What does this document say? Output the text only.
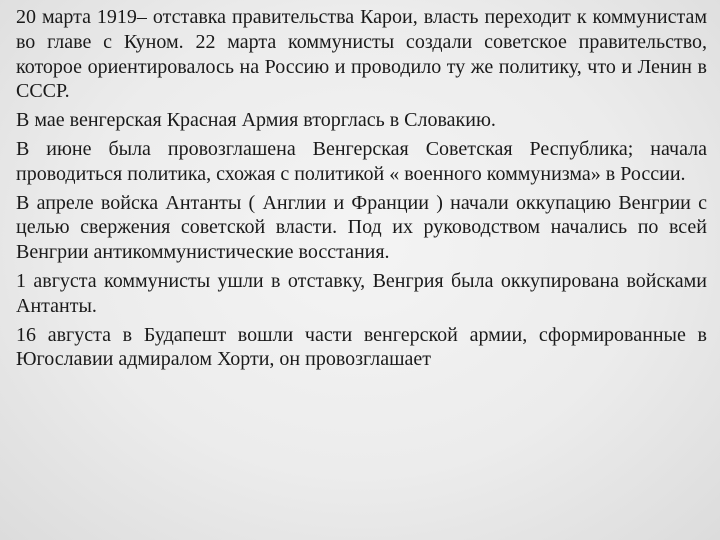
20 марта 1919– отставка правительства Карои, власть переходит к коммунистам во главе с Куном. 22 марта коммунисты создали советское правительство, которое ориентировалось на Россию и проводило ту же политику, что и Ленин в СССР.

В мае венгерская Красная Армия вторглась в Словакию.

В июне была провозглашена Венгерская Советская Республика; начала проводиться политика, схожая с политикой « военного коммунизма» в России.

В апреле войска Антанты ( Англии и Франции ) начали оккупацию Венгрии с целью свержения советской власти. Под их руководством начались по всей Венгрии антикоммунистические восстания.

1 августа коммунисты ушли в отставку, Венгрия была оккупирована войсками Антанты.

16 августа в Будапешт вошли части венгерской армии, сформированные в Югославии адмиралом Хорти, он провозглашает
